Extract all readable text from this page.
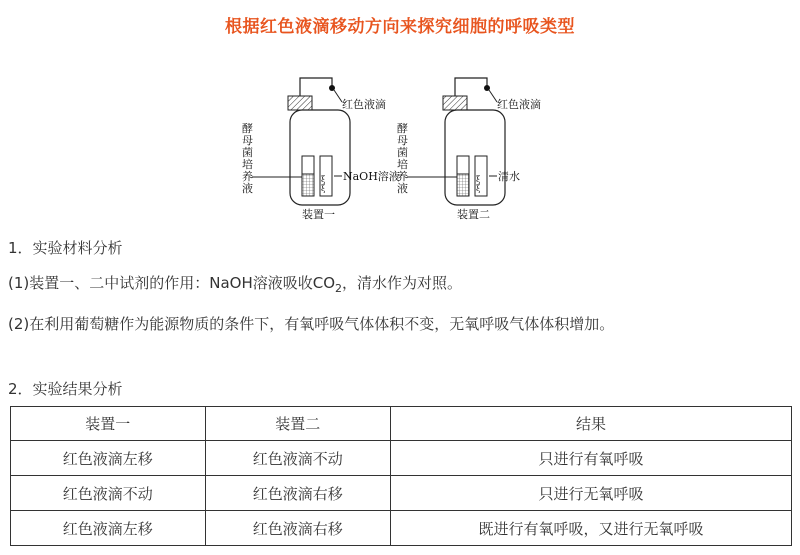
根据红色液滴移动方向来探究细胞的呼吸类型
红色液滴
ξ
ξ
NaOH溶液
酵
母
菌
培
养
液
装置一
红色液滴
ξ
ξ
清水
酵
母
菌
培
养
液
装置二
1．实验材料分析
(1)装置一、二中试剂的作用：NaOH溶液吸收$CO_2$，清水作为对照。
(2)在利用葡萄糖作为能源物质的条件下，有氧呼吸气体体积不变，无氧呼吸气体体积增加。
2．实验结果分析
装置一	装置二	结果
红色液滴左移	红色液滴不动	只进行有氧呼吸
红色液滴不动	红色液滴右移	只进行无氧呼吸
红色液滴左移	红色液滴右移	既进行有氧呼吸，又进行无氧呼吸
